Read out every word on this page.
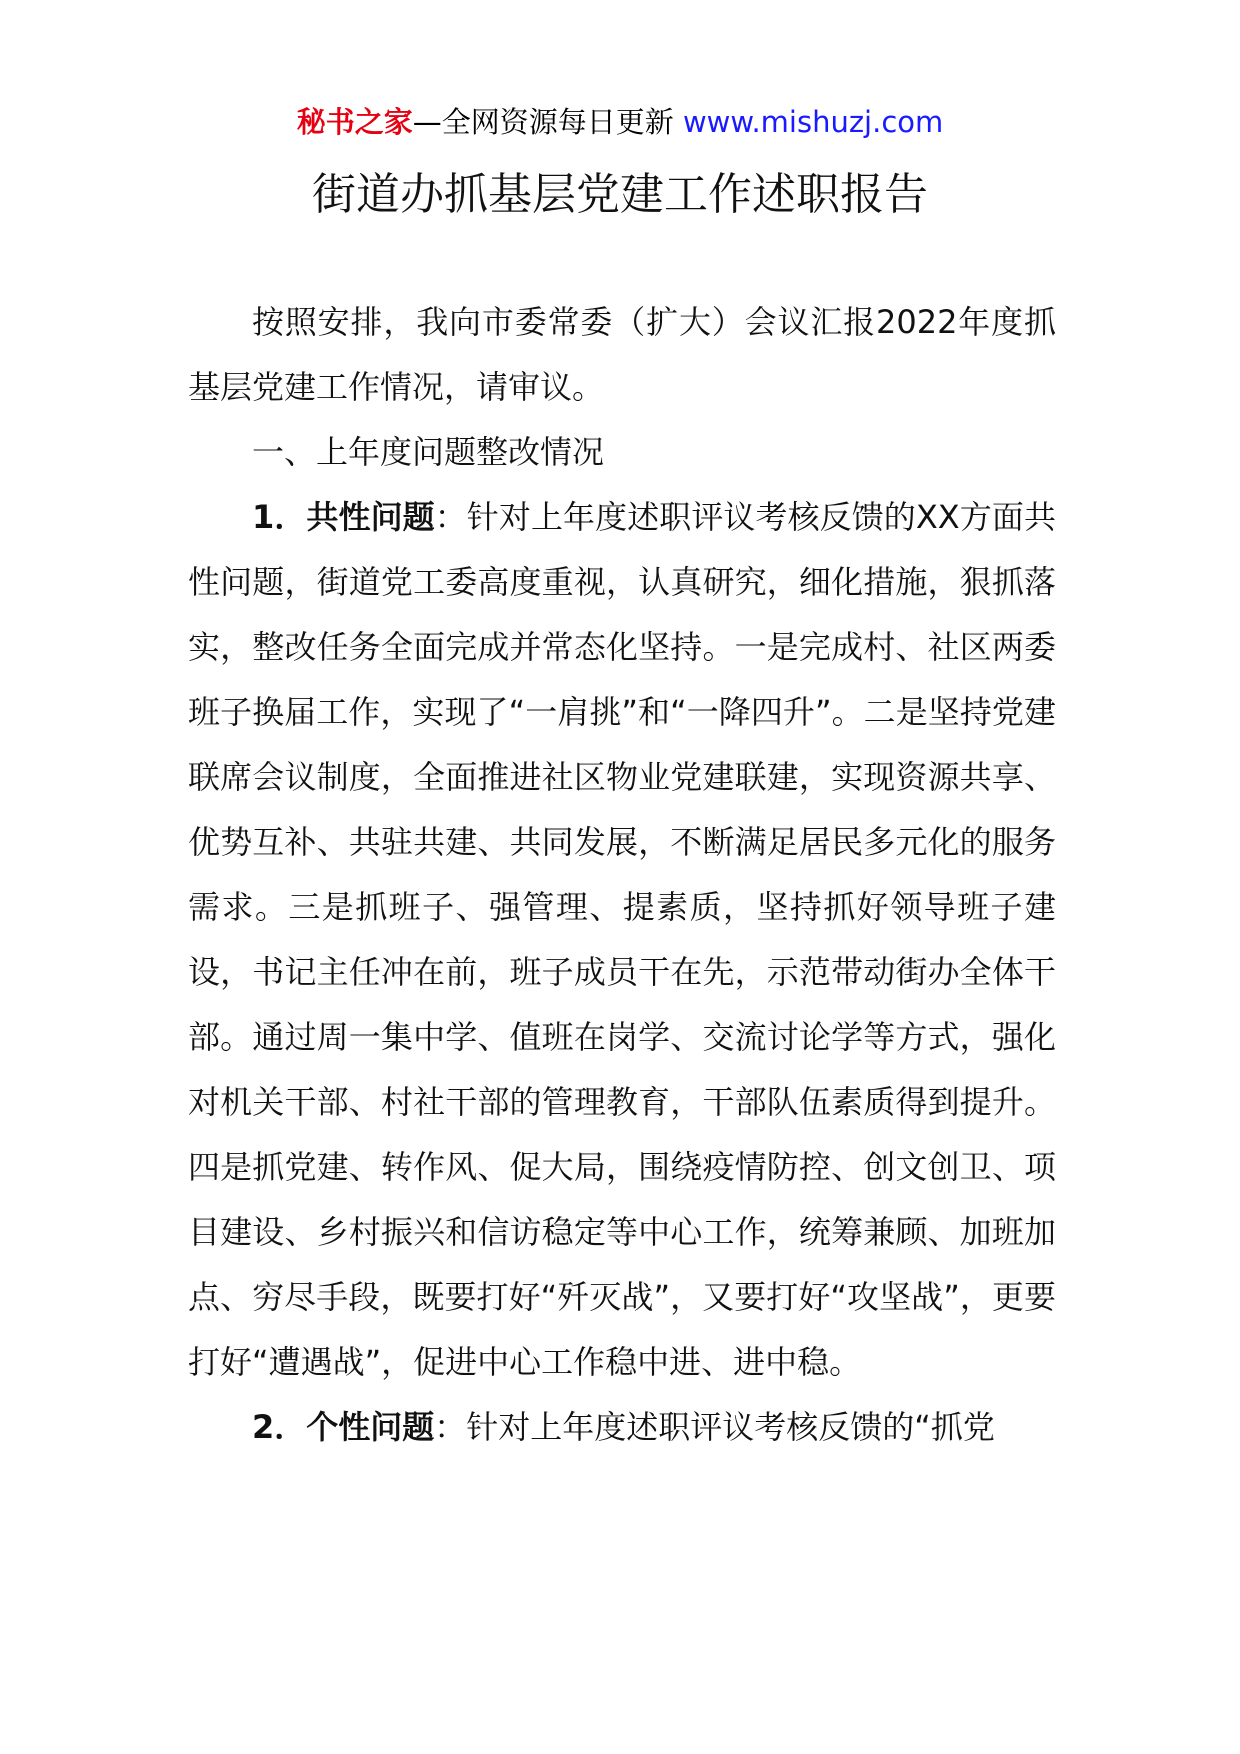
秘书之家—全网资源每日更新 www.mishuzj.com
街道办抓基层党建工作述职报告

按照安排，我向市委常委（扩大）会议汇报2022年度抓基层党建工作情况，请审议。

一、上年度问题整改情况

1．共性问题：针对上年度述职评议考核反馈的XX方面共性问题，街道党工委高度重视，认真研究，细化措施，狠抓落实，整改任务全面完成并常态化坚持。一是完成村、社区两委班子换届工作，实现了“一肩挑”和“一降四升”。二是坚持党建联席会议制度，全面推进社区物业党建联建，实现资源共享、优势互补、共驻共建、共同发展，不断满足居民多元化的服务需求。三是抓班子、强管理、提素质，坚持抓好领导班子建设，书记主任冲在前，班子成员干在先，示范带动街办全体干部。通过周一集中学、值班在岗学、交流讨论学等方式，强化对机关干部、村社干部的管理教育，干部队伍素质得到提升。四是抓党建、转作风、促大局，围绕疫情防控、创文创卫、项目建设、乡村振兴和信访稳定等中心工作，统筹兼顾、加班加点、穷尽手段，既要打好“歼灭战”，又要打好“攻坚战”，更要打好“遭遇战”，促进中心工作稳中进、进中稳。

2．个性问题：针对上年度述职评议考核反馈的“抓党
